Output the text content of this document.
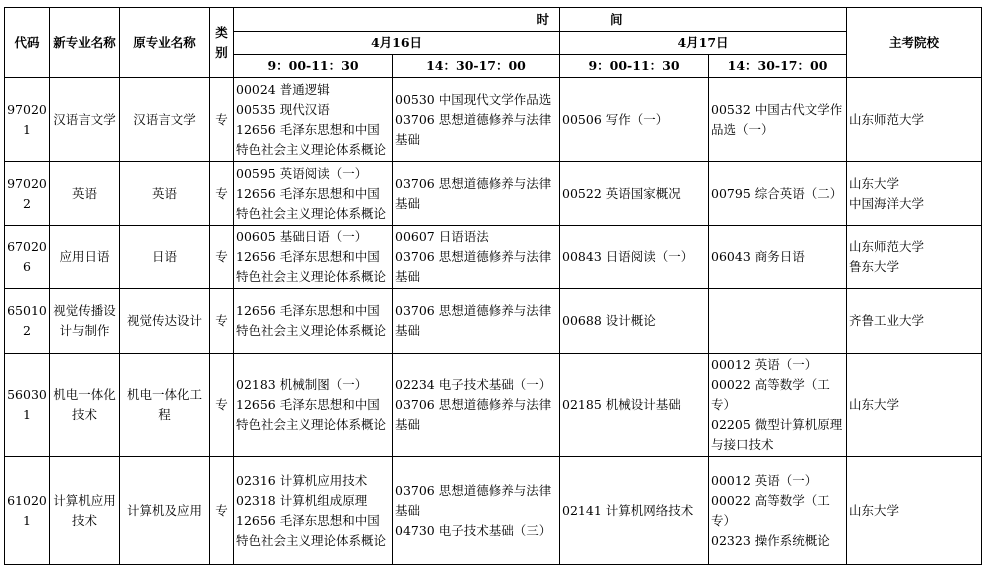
代码	新专业名称	原专业名称	类别	时		间		主考院校
				4月16日		4月17日		
				9：00-11：30	14：30-17：00	9：00-11：30	14：30-17：00	
970201	汉语言文学	汉语言文学	专	00024 普通逻辑
00535 现代汉语
12656 毛泽东思想和中国特色社会主义理论体系概论	00530 中国现代文学作品选
03706 思想道德修养与法律基础	00506 写作（一）	00532 中国古代文学作品选（一）	山东师范大学

970202	英语	英语	专	00595 英语阅读（一）
12656 毛泽东思想和中国特色社会主义理论体系概论	03706 思想道德修养与法律基础	00522 英语国家概况	00795 综合英语（二）	山东大学
中国海洋大学

670206	应用日语	日语	专	00605 基础日语（一）
12656 毛泽东思想和中国特色社会主义理论体系概论	00607 日语语法
03706 思想道德修养与法律基础	00843 日语阅读（一）	06043 商务日语	山东师范大学
鲁东大学

650102	视觉传播设计与制作	视觉传达设计	专	12656 毛泽东思想和中国特色社会主义理论体系概论	03706 思想道德修养与法律基础	00688 设计概论		齐鲁工业大学

560301	机电一体化技术	机电一体化工程	专	02183 机械制图（一）
12656 毛泽东思想和中国特色社会主义理论体系概论	02234 电子技术基础（一）
03706 思想道德修养与法律基础	02185 机械设计基础	00012 英语（一）
00022 高等数学（工专）
02205 微型计算机原理与接口技术	山东大学

610201	计算机应用技术	计算机及应用	专	02316 计算机应用技术
02318 计算机组成原理
12656 毛泽东思想和中国特色社会主义理论体系概论	03706 思想道德修养与法律基础
04730 电子技术基础（三）	02141 计算机网络技术	00012 英语（一）
00022 高等数学（工专）
02323 操作系统概论	山东大学
